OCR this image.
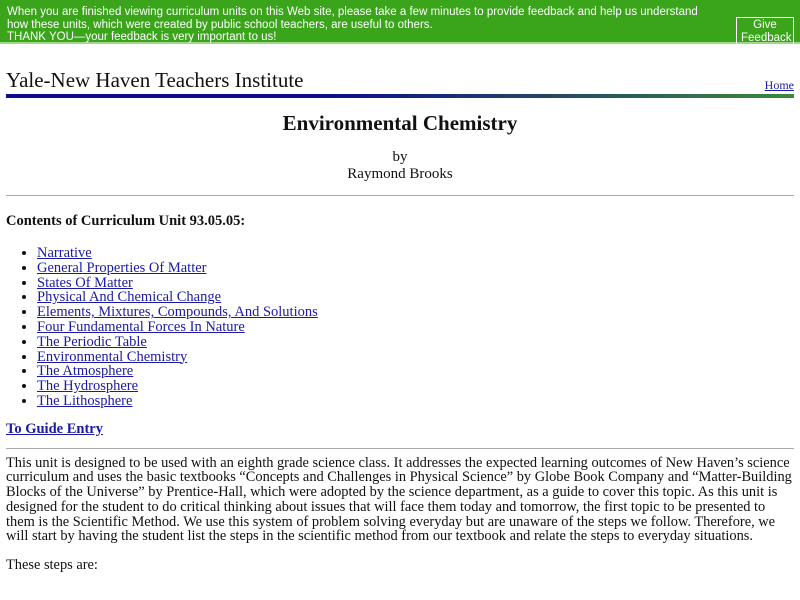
When you are finished viewing curriculum units on this Web site, please take a few minutes to provide feedback and help us understand how these units, which were created by public school teachers, are useful to others.
THANK YOU—your feedback is very important to us!
Give Feedback
Yale-New Haven Teachers Institute	Home
Environmental Chemistry
by
Raymond Brooks
Contents of Curriculum Unit 93.05.05:
• Narrative
• General Properties Of Matter
• States Of Matter
• Physical And Chemical Change
• Elements, Mixtures, Compounds, And Solutions
• Four Fundamental Forces In Nature
• The Periodic Table
• Environmental Chemistry
• The Atmosphere
• The Hydrosphere
• The Lithosphere
To Guide Entry
This unit is designed to be used with an eighth grade science class. It addresses the expected learning outcomes of New Haven’s science curriculum and uses the basic textbooks “Concepts and Challenges in Physical Science” by Globe Book Company and “Matter-Building Blocks of the Universe” by Prentice-Hall, which were adopted by the science department, as a guide to cover this topic. As this unit is designed for the student to do critical thinking about issues that will face them today and tomorrow, the first topic to be presented to them is the Scientific Method. We use this system of problem solving everyday but are unaware of the steps we follow. Therefore, we will start by having the student list the steps in the scientific method from our textbook and relate the steps to everyday situations.
These steps are:
